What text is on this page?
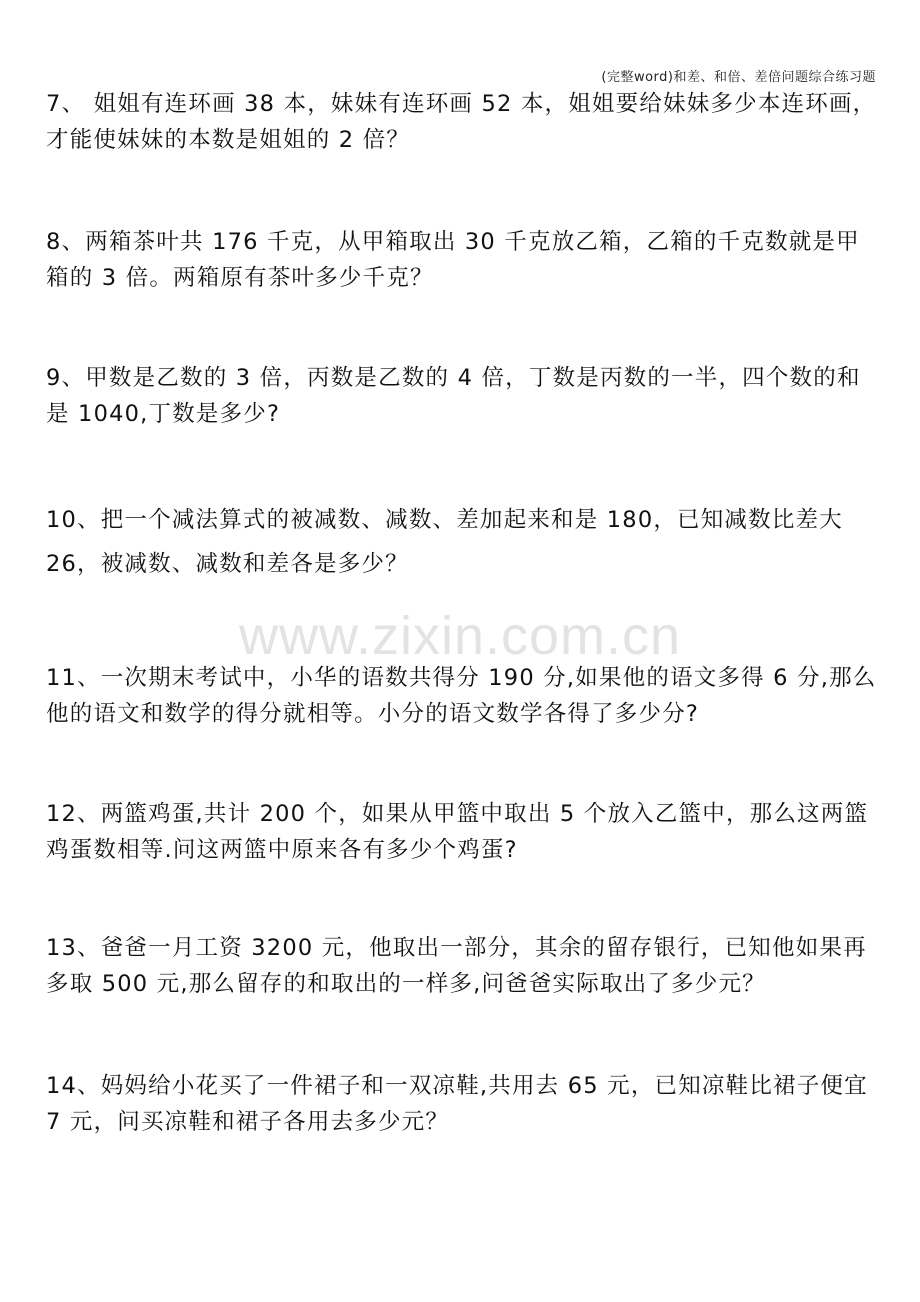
(完整word)和差、和倍、差倍问题综合练习题
www.zixin.com.cn

7、 姐姐有连环画 38 本，妹妹有连环画 52 本，姐姐要给妹妹多少本连环画，才能使妹妹的本数是姐姐的 2 倍？

8、两箱茶叶共 176 千克，从甲箱取出 30 千克放乙箱，乙箱的千克数就是甲箱的 3 倍。两箱原有茶叶多少千克？

9、甲数是乙数的 3 倍，丙数是乙数的 4 倍，丁数是丙数的一半，四个数的和是 1040,丁数是多少?

10、把一个减法算式的被减数、减数、差加起来和是 180，已知减数比差大 26，被减数、减数和差各是多少？

11、一次期末考试中，小华的语数共得分 190 分,如果他的语文多得 6 分,那么他的语文和数学的得分就相等。小分的语文数学各得了多少分?

12、两篮鸡蛋,共计 200 个，如果从甲篮中取出 5 个放入乙篮中，那么这两篮鸡蛋数相等.问这两篮中原来各有多少个鸡蛋?

13、爸爸一月工资 3200 元，他取出一部分，其余的留存银行，已知他如果再多取 500 元,那么留存的和取出的一样多,问爸爸实际取出了多少元？

14、妈妈给小花买了一件裙子和一双凉鞋,共用去 65 元，已知凉鞋比裙子便宜 7 元，问买凉鞋和裙子各用去多少元？
